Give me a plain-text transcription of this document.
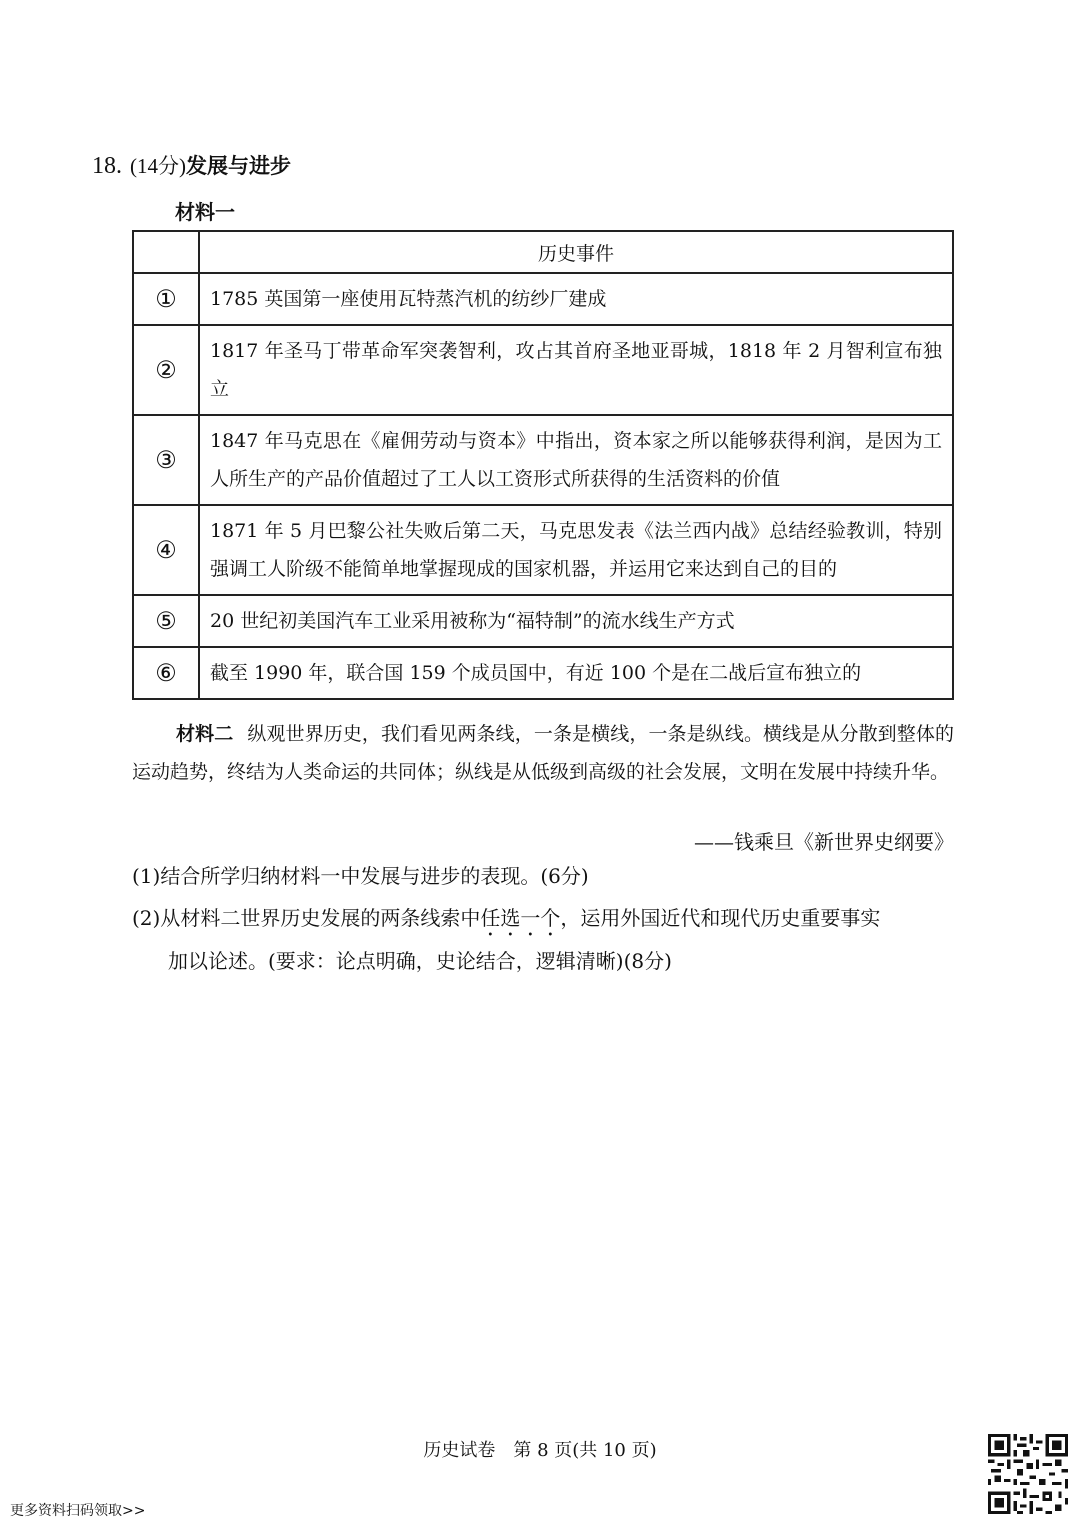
18. (14分)发展与进步
材料一
	历史事件
①	1785 英国第一座使用瓦特蒸汽机的纺纱厂建成
②	1817 年圣马丁带革命军突袭智利，攻占其首府圣地亚哥城，1818 年 2 月智利宣布独立
③	1847 年马克思在《雇佣劳动与资本》中指出，资本家之所以能够获得利润，是因为工人所生产的产品价值超过了工人以工资形式所获得的生活资料的价值
④	1871 年 5 月巴黎公社失败后第二天，马克思发表《法兰西内战》总结经验教训，特别强调工人阶级不能简单地掌握现成的国家机器，并运用它来达到自己的目的
⑤	20 世纪初美国汽车工业采用被称为“福特制”的流水线生产方式
⑥	截至 1990 年，联合国 159 个成员国中，有近 100 个是在二战后宣布独立的
材料二 纵观世界历史，我们看见两条线，一条是横线，一条是纵线。横线是从分散到整体的运动趋势，终结为人类命运的共同体；纵线是从低级到高级的社会发展，文明在发展中持续升华。
——钱乘旦《新世界史纲要》
(1)结合所学归纳材料一中发展与进步的表现。(6分)
(2)从材料二世界历史发展的两条线索中任选一个，运用外国近代和现代历史重要事实
加以论述。(要求：论点明确，史论结合，逻辑清晰)(8分)
历史试卷　第 8 页(共 10 页)
更多资料扫码领取>>
